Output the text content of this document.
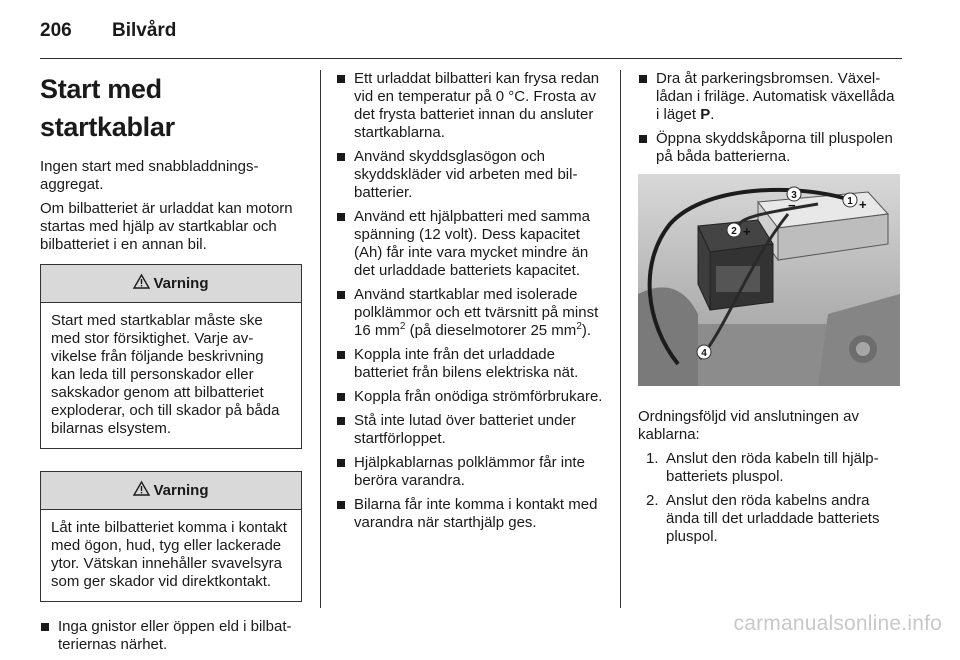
206	Bilvård
Start med startkablar

Ingen start med snabbladdningsaggregat.

Om bilbatteriet är urladdat kan motorn startas med hjälp av startkablar och bilbatteriet i en annan bil.

Varning
Start med startkablar måste ske med stor försiktighet. Varje avvikelse från följande beskrivning kan leda till personskador eller sakskador genom att bilbatteriet exploderar, och till skador på båda bilarnas elsystem.
Varning
Låt inte bilbatteriet komma i kontakt med ögon, hud, tyg eller lackerade ytor. Vätskan innehåller svavelsyra som ger skador vid direktkontakt.
Inga gnistor eller öppen eld i bilbatteriernas närhet.
Ett urladdat bilbatteri kan frysa redan vid en temperatur på 0 °C. Frosta av det frysta batteriet innan du ansluter startkablarna.
Använd skyddsglasögon och skyddskläder vid arbeten med bilbatterier.
Använd ett hjälpbatteri med samma spänning (12 volt). Dess kapacitet (Ah) får inte vara mycket mindre än det urladdade batteriets kapacitet.
Använd startkablar med isolerade polklämmor och ett tvärsnitt på minst 16 $mm^2$ (på dieselmotorer 25 $mm^2$).
Koppla inte från det urladdade batteriet från bilens elektriska nät.
Koppla från onödiga strömförbrukare.
Stå inte lutad över batteriet under startförloppet.
Hjälpkablarnas polklämmor får inte beröra varandra.
Bilarna får inte komma i kontakt med varandra när starthjälp ges.
Dra åt parkeringsbromsen. Växellådan i friläge. Automatisk växellåda i läget P.
Öppna skyddskåporna till pluspolen på båda batterierna.
1 +
3
−
2 +
4

Ordningsföljd vid anslutningen av kablarna:

1. Anslut den röda kabeln till hjälpbatteriets pluspol.
2. Anslut den röda kabelns andra ända till det urladdade batteriets pluspol.
carmanualsonline.info
